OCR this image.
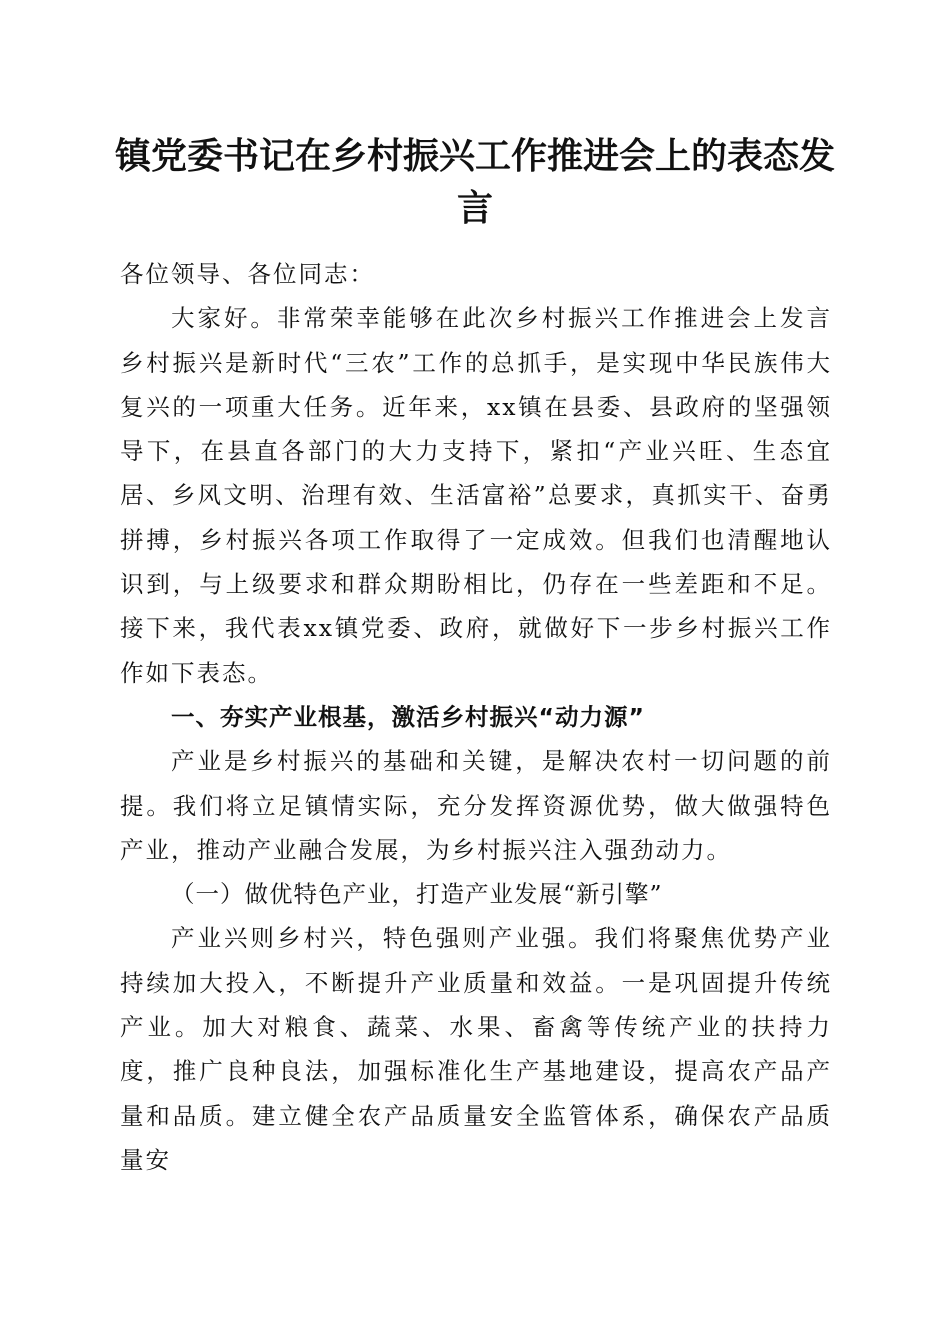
镇党委书记在乡村振兴工作推进会上的表态发言

各位领导、各位同志：

大家好。非常荣幸能够在此次乡村振兴工作推进会上发言乡村振兴是新时代“三农”工作的总抓手，是实现中华民族伟大复兴的一项重大任务。近年来，xx镇在县委、县政府的坚强领导下，在县直各部门的大力支持下，紧扣“产业兴旺、生态宜居、乡风文明、治理有效、生活富裕”总要求，真抓实干、奋勇拼搏，乡村振兴各项工作取得了一定成效。但我们也清醒地认识到，与上级要求和群众期盼相比，仍存在一些差距和不足。接下来，我代表xx镇党委、政府，就做好下一步乡村振兴工作作如下表态。

一、夯实产业根基，激活乡村振兴“动力源”

产业是乡村振兴的基础和关键，是解决农村一切问题的前提。我们将立足镇情实际，充分发挥资源优势，做大做强特色产业，推动产业融合发展，为乡村振兴注入强劲动力。

（一）做优特色产业，打造产业发展“新引擎”

产业兴则乡村兴，特色强则产业强。我们将聚焦优势产业持续加大投入，不断提升产业质量和效益。一是巩固提升传统产业。加大对粮食、蔬菜、水果、畜禽等传统产业的扶持力度，推广良种良法，加强标准化生产基地建设，提高农产品产量和品质。建立健全农产品质量安全监管体系，确保农产品质量安
